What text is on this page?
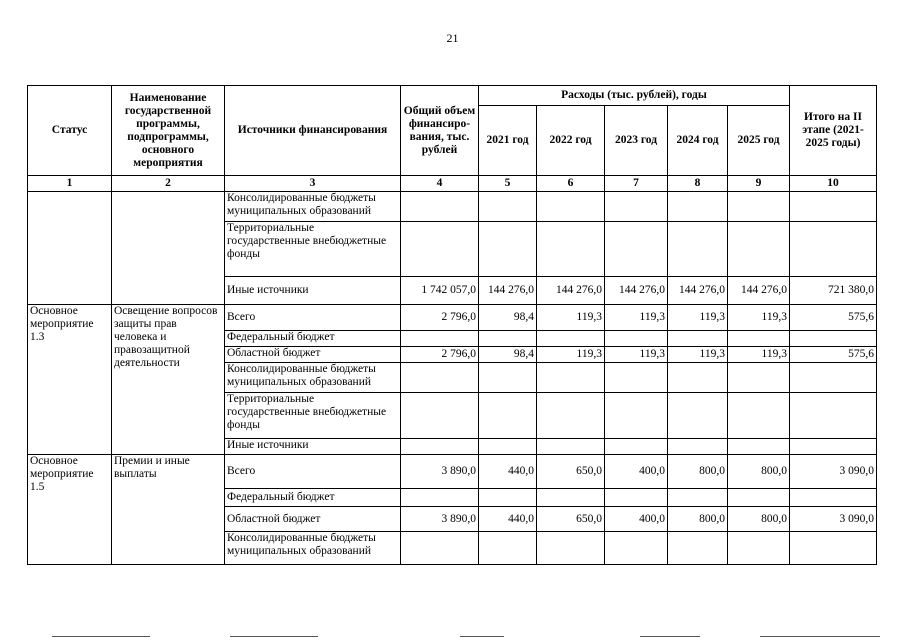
21
Статус	Наименование государственной программы, подпрограммы, основного мероприятия	Источники финансирования	Общий объем финансиро-вания, тыс. рублей	Расходы (тыс. рублей), годы					Итого на II этапе (2021-2025 годы)
				2021 год	2022 год	2023 год	2024 год	2025 год	
1	2	3	4	5	6	7	8	9	10
		Консолидированные бюджеты муниципальных образований							
		Территориальные государственные внебюджетные фонды							
		Иные источники	1 742 057,0	144 276,0	144 276,0	144 276,0	144 276,0	144 276,0	721 380,0
Основное мероприятие 1.3	Освещение вопросов защиты прав человека и правозащитной деятельности	Всего	2 796,0	98,4	119,3	119,3	119,3	119,3	575,6
		Федеральный бюджет							
		Областной бюджет	2 796,0	98,4	119,3	119,3	119,3	119,3	575,6
		Консолидированные бюджеты муниципальных образований							
		Территориальные государственные внебюджетные фонды							
		Иные источники							
Основное мероприятие 1.5	Премии и иные выплаты	Всего	3 890,0	440,0	650,0	400,0	800,0	800,0	3 090,0
		Федеральный бюджет							
		Областной бюджет	3 890,0	440,0	650,0	400,0	800,0	800,0	3 090,0
		Консолидированные бюджеты муниципальных образований							
